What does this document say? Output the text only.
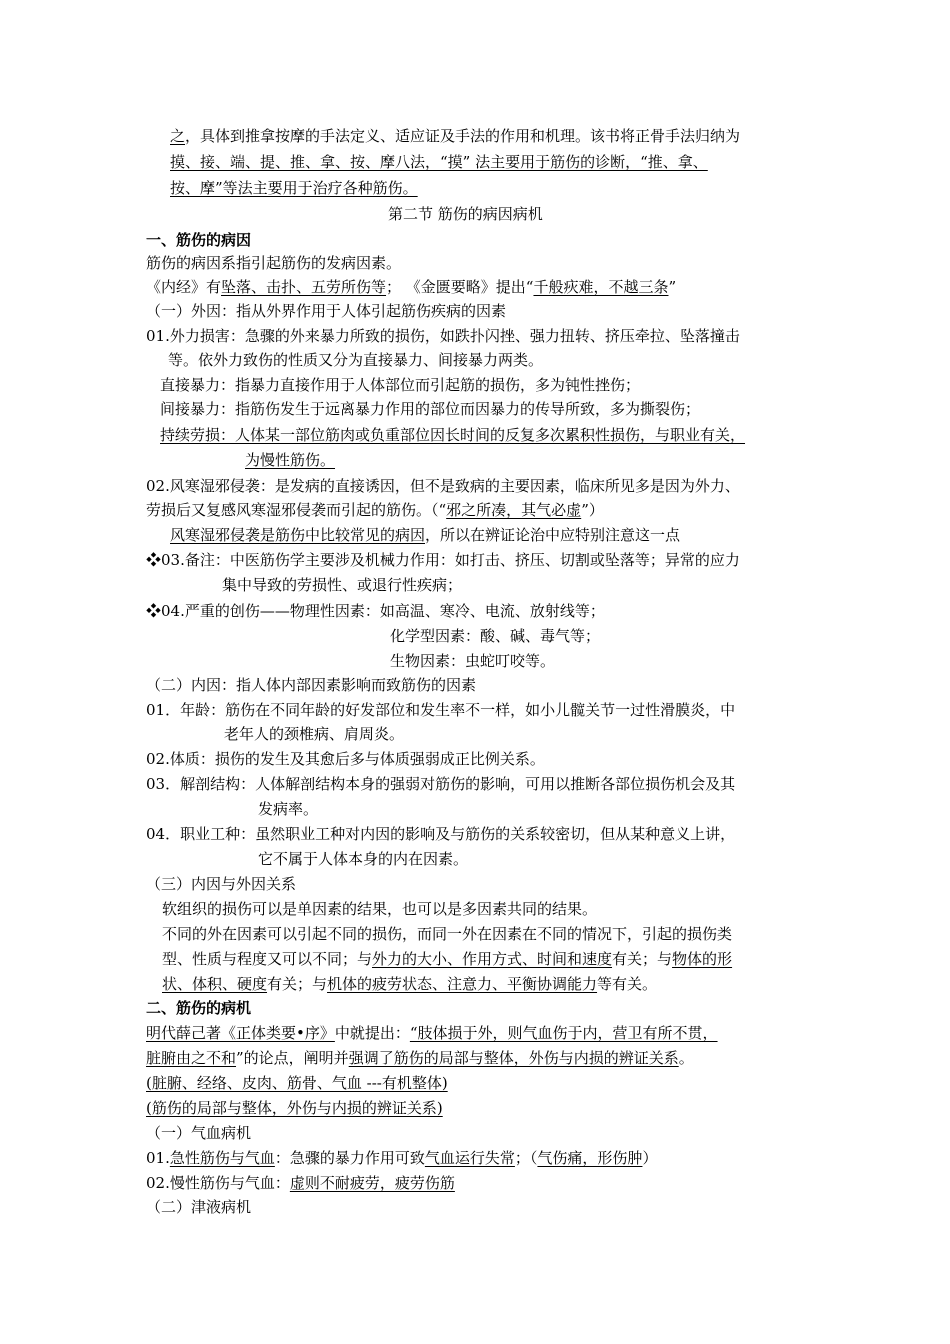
之，具体到推拿按摩的手法定义、适应证及手法的作用和机理。该书将正骨手法归纳为
摸、接、端、提、推、拿、按、摩八法，“摸” 法主要用于筋伤的诊断，“推、拿、
按、摩”等法主要用于治疗各种筋伤。
第二节 筋伤的病因病机
一、筋伤的病因
筋伤的病因系指引起筋伤的发病因素。
《内经》有坠落、击扑、五劳所伤等； 《金匮要略》提出“千般疢难，不越三条”
（一）外因：指从外界作用于人体引起筋伤疾病的因素
01.外力损害：急骤的外来暴力所致的损伤，如跌扑闪挫、强力扭转、挤压牵拉、坠落撞击
等。依外力致伤的性质又分为直接暴力、间接暴力两类。
直接暴力：指暴力直接作用于人体部位而引起筋的损伤，多为钝性挫伤；
间接暴力：指筋伤发生于远离暴力作用的部位而因暴力的传导所致，多为撕裂伤；
持续劳损：人体某一部位筋肉或负重部位因长时间的反复多次累积性损伤，与职业有关，
为慢性筋伤。
02.风寒湿邪侵袭：是发病的直接诱因，但不是致病的主要因素，临床所见多是因为外力、
劳损后又复感风寒湿邪侵袭而引起的筋伤。（“邪之所凑，其气必虚”）
风寒湿邪侵袭是筋伤中比较常见的病因，所以在辨证论治中应特别注意这一点
❖03.备注：中医筋伤学主要涉及机械力作用：如打击、挤压、切割或坠落等；异常的应力
集中导致的劳损性、或退行性疾病；
❖04.严重的创伤——物理性因素：如高温、寒冷、电流、放射线等；
化学型因素：酸、碱、毒气等；
生物因素：虫蛇叮咬等。
（二）内因：指人体内部因素影响而致筋伤的因素
01．年龄：筋伤在不同年龄的好发部位和发生率不一样，如小儿髋关节一过性滑膜炎，中
老年人的颈椎病、肩周炎。
02.体质：损伤的发生及其愈后多与体质强弱成正比例关系。
03．解剖结构：人体解剖结构本身的强弱对筋伤的影响，可用以推断各部位损伤机会及其
发病率。
04．职业工种：虽然职业工种对内因的影响及与筋伤的关系较密切，但从某种意义上讲，
它不属于人体本身的内在因素。
（三）内因与外因关系
软组织的损伤可以是单因素的结果，也可以是多因素共同的结果。
不同的外在因素可以引起不同的损伤，而同一外在因素在不同的情况下，引起的损伤类
型、性质与程度又可以不同；与外力的大小、作用方式、时间和速度有关；与物体的形
状、体积、硬度有关；与机体的疲劳状态、注意力、平衡协调能力等有关。
二、筋伤的病机
明代薛己著《正体类要•序》中就提出：“肢体损于外，则气血伤于内，营卫有所不贯，
脏腑由之不和”的论点，阐明并强调了筋伤的局部与整体，外伤与内损的辨证关系。
(脏腑、经络、皮肉、筋骨、气血 ---有机整体)
(筋伤的局部与整体，外伤与内损的辨证关系)
（一）气血病机
01.急性筋伤与气血：急骤的暴力作用可致气血运行失常；（气伤痛，形伤肿）
02.慢性筋伤与气血：虚则不耐疲劳，疲劳伤筋
（二）津液病机
